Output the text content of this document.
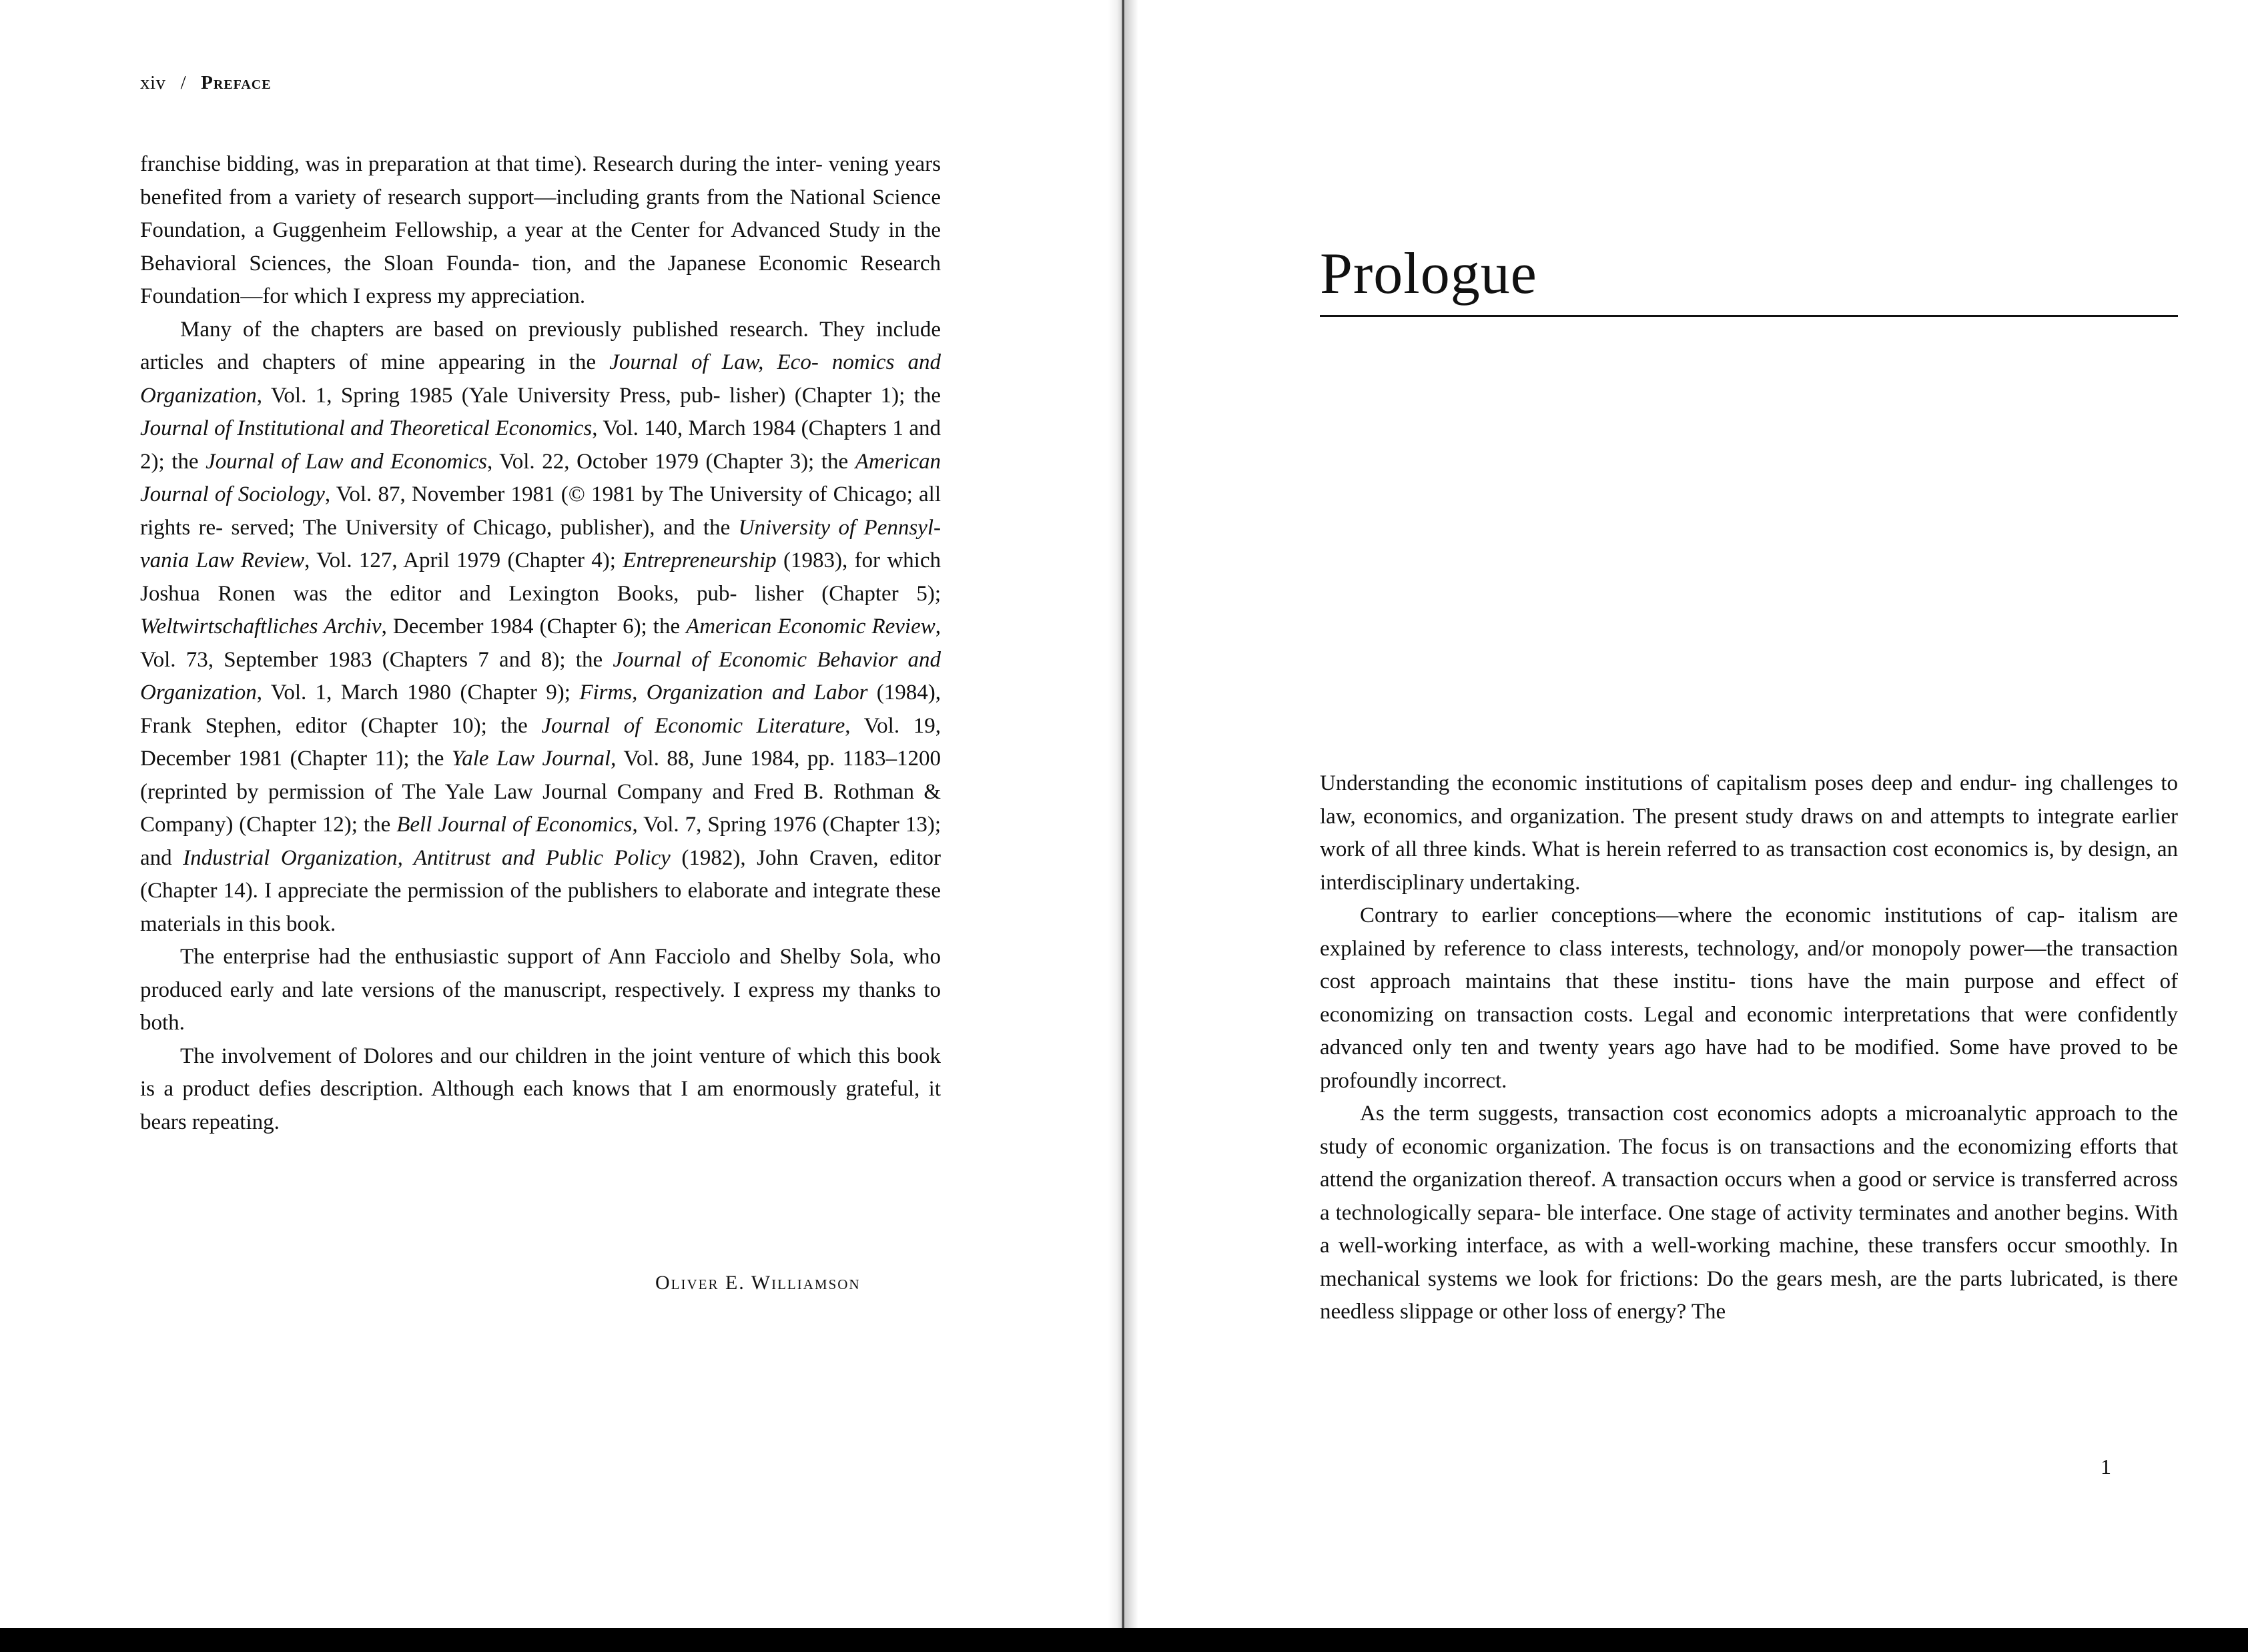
xiv / Preface

franchise bidding, was in preparation at that time). Research during the inter- vening years benefited from a variety of research support—including grants from the National Science Foundation, a Guggenheim Fellowship, a year at the Center for Advanced Study in the Behavioral Sciences, the Sloan Founda- tion, and the Japanese Economic Research Foundation—for which I express my appreciation.

Many of the chapters are based on previously published research. They include articles and chapters of mine appearing in the Journal of Law, Eco- nomics and Organization, Vol. 1, Spring 1985 (Yale University Press, pub- lisher) (Chapter 1); the Journal of Institutional and Theoretical Economics, Vol. 140, March 1984 (Chapters 1 and 2); the Journal of Law and Economics, Vol. 22, October 1979 (Chapter 3); the American Journal of Sociology, Vol. 87, November 1981 (© 1981 by The University of Chicago; all rights re- served; The University of Chicago, publisher), and the University of Pennsyl- vania Law Review, Vol. 127, April 1979 (Chapter 4); Entrepreneurship (1983), for which Joshua Ronen was the editor and Lexington Books, pub- lisher (Chapter 5); Weltwirtschaftliches Archiv, December 1984 (Chapter 6); the American Economic Review, Vol. 73, September 1983 (Chapters 7 and 8); the Journal of Economic Behavior and Organization, Vol. 1, March 1980 (Chapter 9); Firms, Organization and Labor (1984), Frank Stephen, editor (Chapter 10); the Journal of Economic Literature, Vol. 19, December 1981 (Chapter 11); the Yale Law Journal, Vol. 88, June 1984, pp. 1183–1200 (reprinted by permission of The Yale Law Journal Company and Fred B. Rothman & Company) (Chapter 12); the Bell Journal of Economics, Vol. 7, Spring 1976 (Chapter 13); and Industrial Organization, Antitrust and Public Policy (1982), John Craven, editor (Chapter 14). I appreciate the permission of the publishers to elaborate and integrate these materials in this book.

The enterprise had the enthusiastic support of Ann Facciolo and Shelby Sola, who produced early and late versions of the manuscript, respectively. I express my thanks to both.

The involvement of Dolores and our children in the joint venture of which this book is a product defies description. Although each knows that I am enormously grateful, it bears repeating.

Oliver E. Williamson
Prologue

Understanding the economic institutions of capitalism poses deep and endur- ing challenges to law, economics, and organization. The present study draws on and attempts to integrate earlier work of all three kinds. What is herein referred to as transaction cost economics is, by design, an interdisciplinary undertaking.

Contrary to earlier conceptions—where the economic institutions of cap- italism are explained by reference to class interests, technology, and/or monopoly power—the transaction cost approach maintains that these institu- tions have the main purpose and effect of economizing on transaction costs. Legal and economic interpretations that were confidently advanced only ten and twenty years ago have had to be modified. Some have proved to be profoundly incorrect.

As the term suggests, transaction cost economics adopts a microanalytic approach to the study of economic organization. The focus is on transactions and the economizing efforts that attend the organization thereof. A transaction occurs when a good or service is transferred across a technologically separa- ble interface. One stage of activity terminates and another begins. With a well-working interface, as with a well-working machine, these transfers occur smoothly. In mechanical systems we look for frictions: Do the gears mesh, are the parts lubricated, is there needless slippage or other loss of energy? The

1
